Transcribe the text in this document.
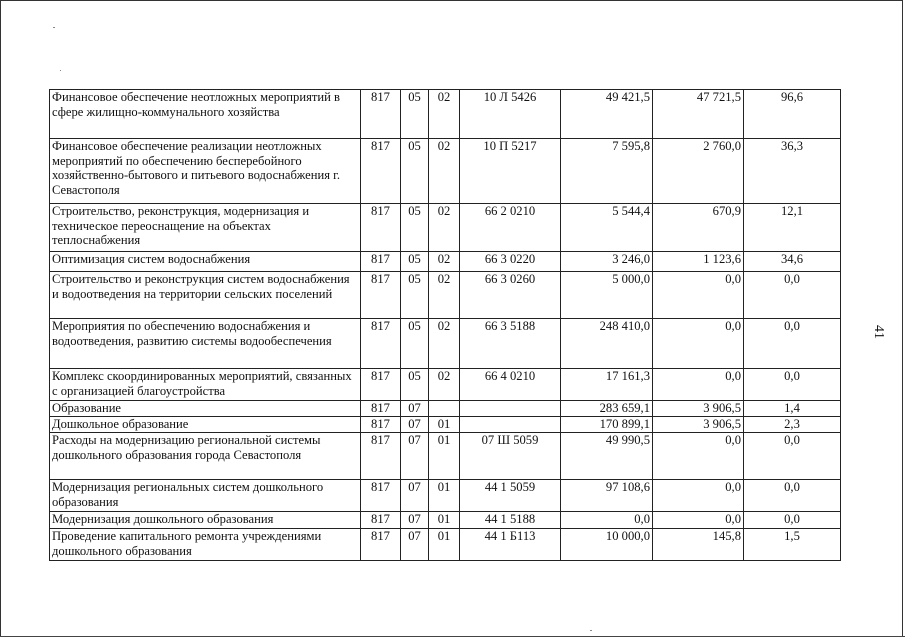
Финансовое обеспечение неотложных мероприятий в сфере жилищно-коммунального хозяйства	817	05	02	10 Л 5426	49 421,5	47 721,5	96,6
Финансовое обеспечение реализации неотложных мероприятий по обеспечению бесперебойного хозяйственно-бытового и питьевого водоснабжения г. Севастополя	817	05	02	10 П 5217	7 595,8	2 760,0	36,3
Строительство, реконструкция, модернизация и техническое переоснащение на объектах теплоснабжения	817	05	02	66 2 0210	5 544,4	670,9	12,1
Оптимизация систем водоснабжения	817	05	02	66 3 0220	3 246,0	1 123,6	34,6
Строительство и реконструкция систем водоснабжения и водоотведения на территории сельских поселений	817	05	02	66 3 0260	5 000,0	0,0	0,0
Мероприятия по обеспечению водоснабжения и водоотведения, развитию системы водообеспечения	817	05	02	66 3 5188	248 410,0	0,0	0,0
Комплекс скоординированных мероприятий, связанных с организацией благоустройства	817	05	02	66 4 0210	17 161,3	0,0	0,0
Образование	817	07			283 659,1	3 906,5	1,4
Дошкольное образование	817	07	01		170 899,1	3 906,5	2,3
Расходы на модернизацию региональной системы дошкольного образования города Севастополя	817	07	01	07 Ш 5059	49 990,5	0,0	0,0
Модернизация региональных систем дошкольного образования	817	07	01	44 1 5059	97 108,6	0,0	0,0
Модернизация дошкольного образования	817	07	01	44 1 5188	0,0	0,0	0,0
Проведение капитального ремонта учреждениями дошкольного образования	817	07	01	44 1 Б113	10 000,0	145,8	1,5
41
